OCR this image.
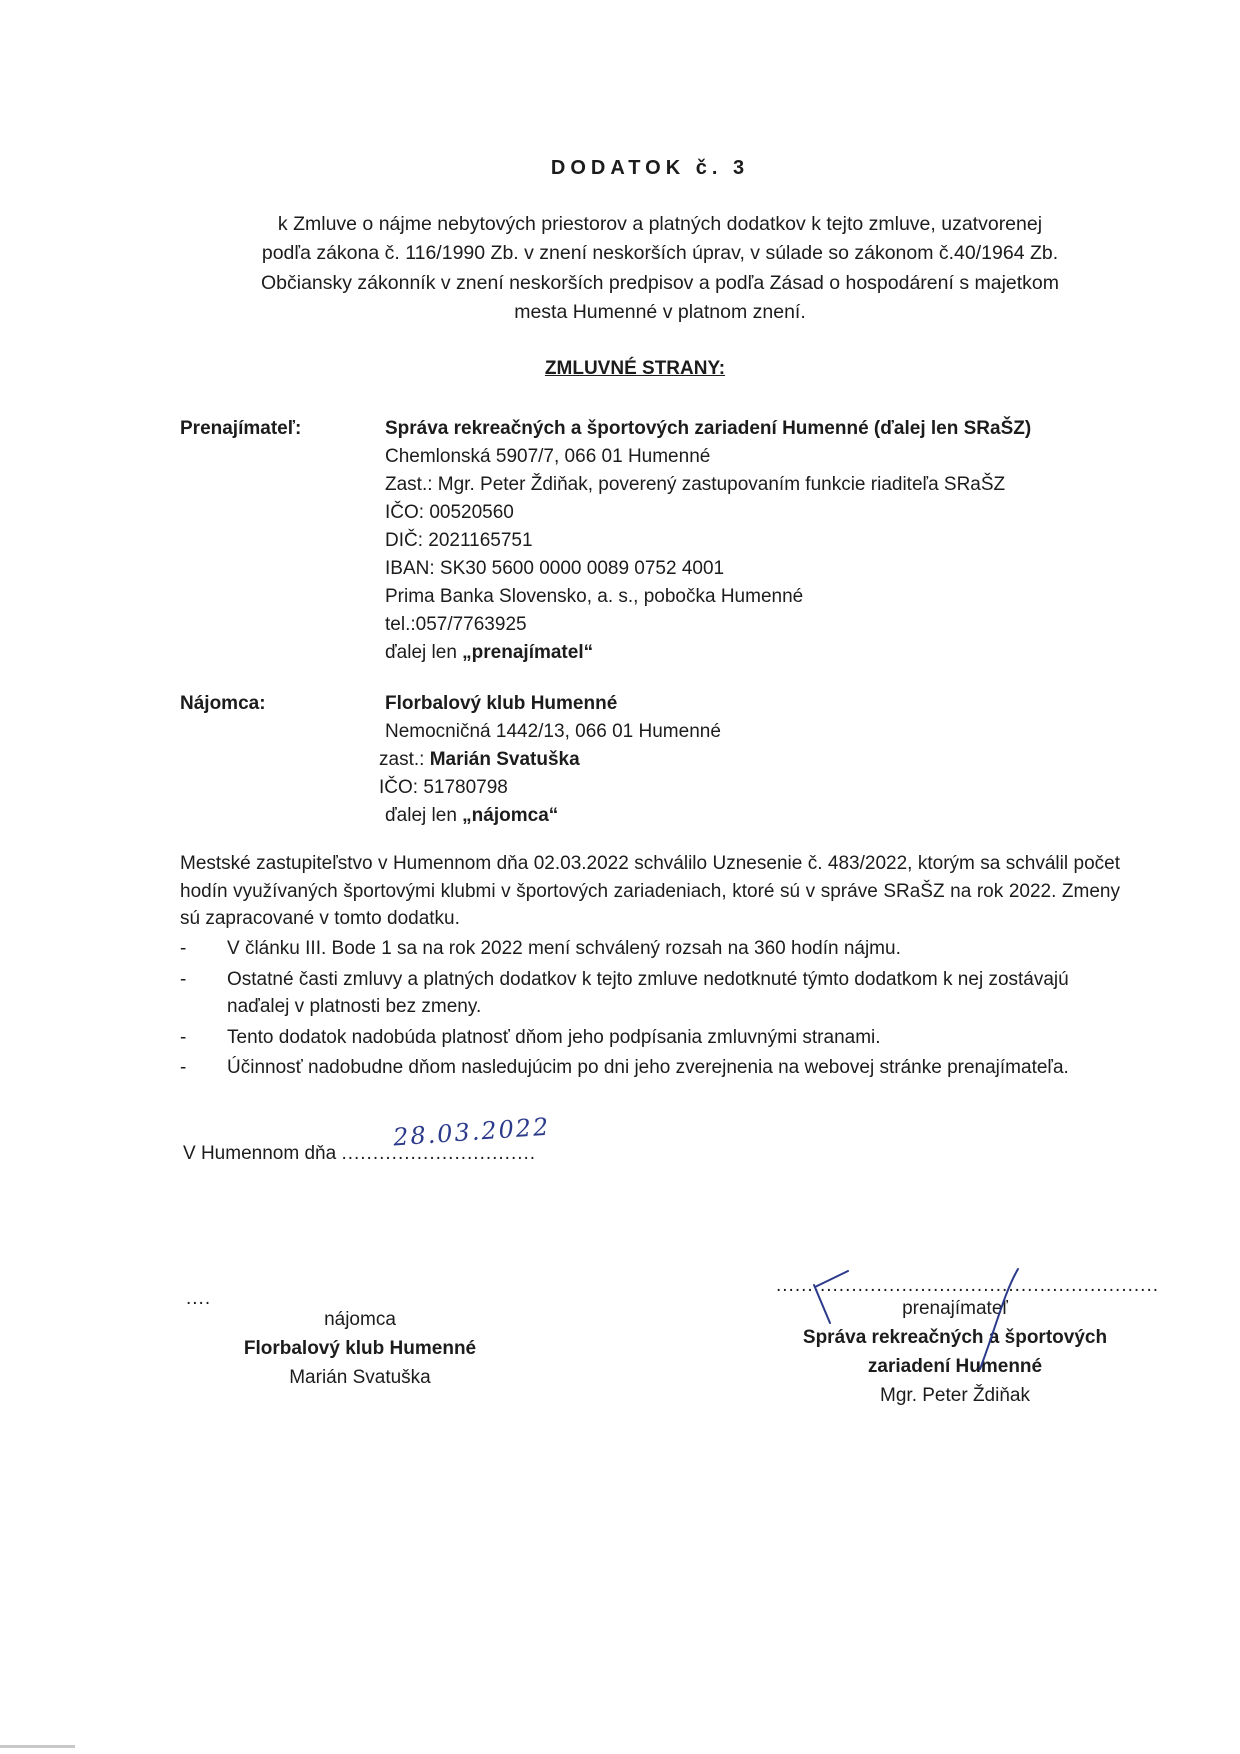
DODATOK č. 3
k Zmluve o nájme nebytových priestorov a platných dodatkov k tejto zmluve, uzatvorenej
podľa zákona č. 116/1990 Zb. v znení neskorších úprav, v súlade so zákonom č.40/1964 Zb.
Občiansky zákonník v znení neskorších predpisov a podľa Zásad o hospodárení s majetkom
mesta Humenné v platnom znení.
ZMLUVNÉ STRANY:
Prenajímateľ:	Správa rekreačných a športových zariadení Humenné (ďalej len SRaŠZ)
Chemlonská 5907/7, 066 01 Humenné
Zast.: Mgr. Peter Ždiňak, poverený zastupovaním funkcie riaditeľa SRaŠZ
IČO: 00520560
DIČ: 2021165751
IBAN: SK30 5600 0000 0089 0752 4001
Prima Banka Slovensko, a. s., pobočka Humenné
tel.:057/7763925
ďalej len „prenajímatel“
Nájomca:	Florbalový klub Humenné
Nemocničná 1442/13, 066 01 Humenné
zast.: Marián Svatuška
IČO: 51780798
ďalej len „nájomca“
Mestské zastupiteľstvo v Humennom dňa 02.03.2022 schválilo Uznesenie č. 483/2022, ktorým sa schválil počet hodín využívaných športovými klubmi v športových zariadeniach, ktoré sú v správe SRaŠZ na rok 2022. Zmeny sú zapracované v tomto dodatku.
- V článku III. Bode 1 sa na rok 2022 mení schválený rozsah na 360 hodín nájmu.
- Ostatné časti zmluvy a platných dodatkov k tejto zmluve nedotknuté týmto dodatkom k nej zostávajú naďalej v platnosti bez zmeny.
- Tento dodatok nadobúda platnosť dňom jeho podpísania zmluvnými stranami.
- Účinnosť nadobudne dňom nasledujúcim po dni jeho zverejnenia na webovej stránke prenajímateľa.
V Humennom dňa ...............................
28.03.2022
....
nájomca
Florbalový klub Humenné
Marián Svatuška
.............................................................
prenajímateľ
Správa rekreačných a športových
zariadení Humenné
Mgr. Peter Ždiňak
